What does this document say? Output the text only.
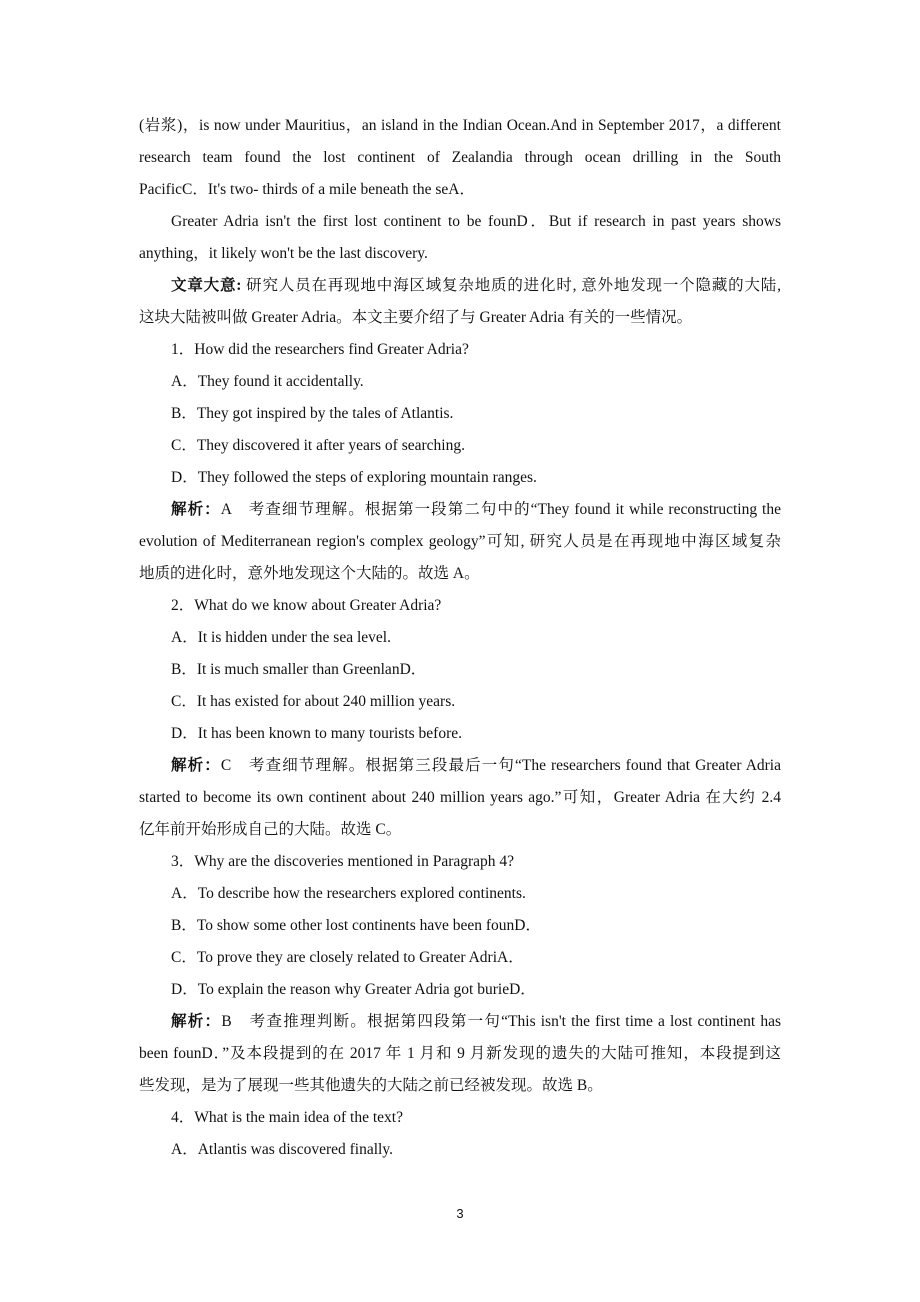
(岩浆)，is now under Mauritius，an island in the Indian Ocean.And in September 2017，a different

research team found the lost continent of Zealandia through ocean drilling in the South

PacificC．It's two- thirds of a mile beneath the seA．

Greater Adria isn't the first lost continent to be founD．But if research in past years shows

anything，it likely won't be the last discovery.

文章大意: 研究人员在再现地中海区域复杂地质的进化时, 意外地发现一个隐藏的大陆,

这块大陆被叫做 Greater Adria。本文主要介绍了与 Greater Adria 有关的一些情况。

1．How did the researchers find Greater Adria?

A．They found it accidentally.

B．They got inspired by the tales of Atlantis.

C．They discovered it after years of searching.

D．They followed the steps of exploring mountain ranges.

解析：A　考查细节理解。根据第一段第二句中的“They found it while reconstructing the

evolution of Mediterranean region's complex geology”可知, 研究人员是在再现地中海区域复杂

地质的进化时，意外地发现这个大陆的。故选 A。

2．What do we know about Greater Adria?

A．It is hidden under the sea level.

B．It is much smaller than GreenlanD．

C．It has existed for about 240 million years.

D．It has been known to many tourists before.

解析：C　考查细节理解。根据第三段最后一句“The researchers found that Greater Adria

started to become its own continent about 240 million years ago.”可知，Greater Adria 在大约 2.4

亿年前开始形成自己的大陆。故选 C。

3．Why are the discoveries mentioned in Paragraph 4?

A．To describe how the researchers explored continents.

B．To show some other lost continents have been founD．

C．To prove they are closely related to Greater AdriA．

D．To explain the reason why Greater Adria got burieD．

解析：B　考查推理判断。根据第四段第一句“This isn't the first time a lost continent has

been founD．”及本段提到的在 2017 年 1 月和 9 月新发现的遗失的大陆可推知，本段提到这

些发现，是为了展现一些其他遗失的大陆之前已经被发现。故选 B。

4．What is the main idea of the text?

A．Atlantis was discovered finally.

3
